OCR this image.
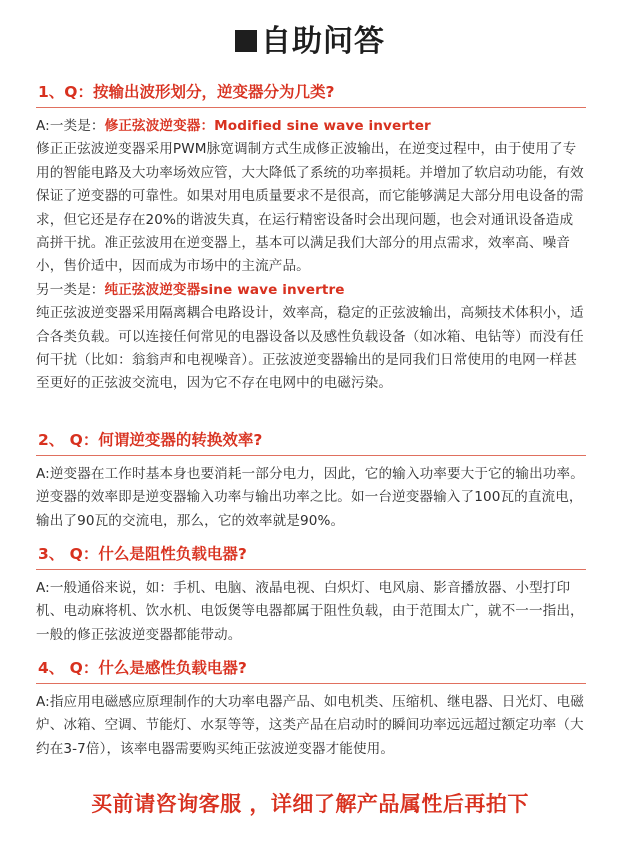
自助问答
1、Q：按输出波形划分，逆变器分为几类?

A:一类是：修正弦波逆变器：Modified sine wave inverter

修正正弦波逆变器采用PWM脉宽调制方式生成修正波输出，在逆变过程中，由于使用了专用的智能电路及大功率场效应管，大大降低了系统的功率损耗。并增加了软启动功能，有效保证了逆变器的可靠性。如果对用电质量要求不是很高，而它能够满足大部分用电设备的需求，但它还是存在20%的谐波失真，在运行精密设备时会出现问题，也会对通讯设备造成高拼干扰。准正弦波用在逆变器上，基本可以满足我们大部分的用点需求，效率高、噪音小，售价适中，因而成为市场中的主流产品。

另一类是：纯正弦波逆变器sine wave invertre

纯正弦波逆变器采用隔离耦合电路设计，效率高，稳定的正弦波输出，高频技术体积小，适合各类负载。可以连接任何常见的电器设备以及感性负载设备（如冰箱、电钻等）而没有任何干扰（比如：翁翁声和电视噪音）。正弦波逆变器输出的是同我们日常使用的电网一样甚至更好的正弦波交流电，因为它不存在电网中的电磁污染。

2、 Q：何谓逆变器的转换效率?

A:逆变器在工作时基本身也要消耗一部分电力，因此，它的输入功率要大于它的输出功率。逆变器的效率即是逆变器输入功率与输出功率之比。如一台逆变器输入了100瓦的直流电，输出了90瓦的交流电，那么，它的效率就是90%。

3、 Q：什么是阻性负载电器?

A:一般通俗来说，如：手机、电脑、液晶电视、白炽灯、电风扇、影音播放器、小型打印机、电动麻将机、饮水机、电饭煲等电器都属于阻性负载，由于范围太广，就不一一指出，一般的修正弦波逆变器都能带动。

4、 Q：什么是感性负载电器?

A:指应用电磁感应原理制作的大功率电器产品、如电机类、压缩机、继电器、日光灯、电磁炉、冰箱、空调、节能灯、水泵等等，这类产品在启动时的瞬间功率远远超过额定功率（大约在3-7倍），该率电器需要购买纯正弦波逆变器才能使用。

买前请咨询客服 ，详细了解产品属性后再拍下
